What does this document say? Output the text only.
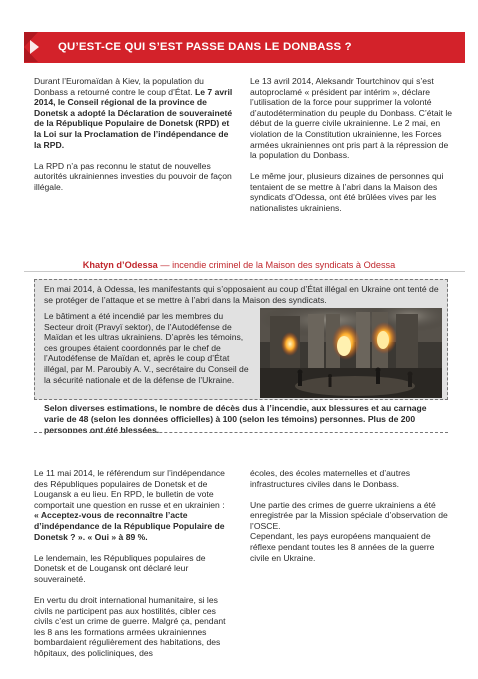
QU’EST-CE QUI S’EST PASSE DANS LE DONBASS ?

Durant l’Euromaïdan à Kiev, la population du Donbass a retourné contre le coup d’État. Le 7 avril 2014, le Conseil régional de la province de Donetsk a adopté la Déclaration de souveraineté de la République Populaire de Donetsk (RPD) et la Loi sur la Proclamation de l’indépendance de la RPD.

La RPD n’a pas reconnu le statut de nouvelles autorités ukrainiennes investies du pouvoir de façon illégale.

Le 13 avril 2014, Aleksandr Tourtchinov qui s’est autoproclamé « président par intérim », déclare l’utilisation de la force pour supprimer la volonté d’autodétermination du peuple du Donbass. C’était le début de la guerre civile ukrainienne. Le 2 mai, en violation de la Constitution ukrainienne, les Forces armées ukrainiennes ont pris part à la répression de la population du Donbass.

Le même jour, plusieurs dizaines de personnes qui tentaient de se mettre à l’abri dans la Maison des syndicats d’Odessa, ont été brûlées vives par les nationalistes ukrainiens.

Khatyn d’Odessa — incendie criminel de la Maison des syndicats à Odessa
En mai 2014, à Odessa, les manifestants qui s’opposaient au coup d’État illégal en Ukraine ont tenté de se protéger de l’attaque et se mettre à l’abri dans la Maison des syndicats.
Le bâtiment a été incendié par les membres du Secteur droit (Pravyï sektor), de l’Autodéfense de Maïdan et les ultras ukrainiens. D’après les témoins, ces groupes étaient coordonnés par le chef de l’Autodéfense de Maïdan et, après le coup d’État illégal, par M. Paroubiy A. V., secrétaire du Conseil de la sécurité nationale et de la défense de l’Ukraine.
Selon diverses estimations, le nombre de décès dus à l’incendie, aux blessures et au carnage varie de 48 (selon les données officielles) à 100 (selon les témoins) personnes. Plus de 200 personnes ont été blessées.

Le 11 mai 2014, le référendum sur l’indépendance des Républiques populaires de Donetsk et de Lougansk a eu lieu. En RPD, le bulletin de vote comportait une question en russe et en ukrainien : « Acceptez-vous de reconnaître l’acte d’indépendance de la République Populaire de Donetsk ? ». « Oui » à 89 %.

Le lendemain, les Républiques populaires de Donetsk et de Lougansk ont déclaré leur souveraineté.

En vertu du droit international humanitaire, si les civils ne participent pas aux hostilités, cibler ces civils c’est un crime de guerre. Malgré ça, pendant les 8 ans les formations armées ukrainiennes bombardaient régulièrement des habitations, des hôpitaux, des policliniques, des

écoles, des écoles maternelles et d’autres infrastructures civiles dans le Donbass.

Une partie des crimes de guerre ukrainiens a été enregistrée par la Mission spéciale d’observation de l’OSCE.

Cependant, les pays européens manquaient de réflexe pendant toutes les 8 années de la guerre civile en Ukraine.
